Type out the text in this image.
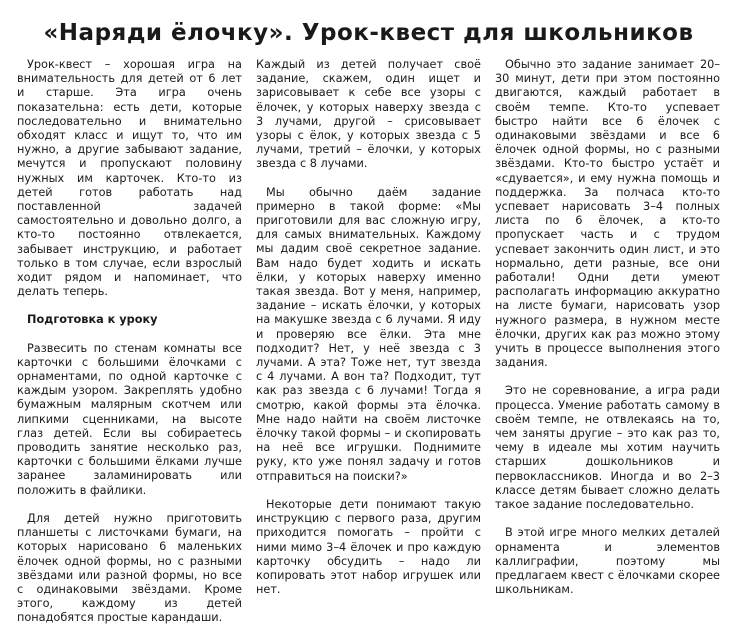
«Наряди ёлочку». Урок-квест для школьников

Урок-квест – хорошая игра на внимательность для детей от 6 лет и старше. Эта игра очень показательна: есть дети, которые последовательно и внимательно обходят класс и ищут то, что им нужно, а другие забывают задание, мечутся и пропускают половину нужных им карточек. Кто-то из детей готов работать над поставленной задачей самостоятельно и довольно долго, а кто-то постоянно отвлекается, забывает инструкцию, и работает только в том случае, если взрослый ходит рядом и напоминает, что делать теперь.

Подготовка к уроку

Развесить по стенам комнаты все карточки с большими ёлочками с орнаментами, по одной карточке с каждым узором. Закреплять удобно бумажным малярным скотчем или липкими сценниками, на высоте глаз детей. Если вы собираетесь проводить занятие несколько раз, карточки с большими ёлками лучше заранее заламинировать или положить в файлики.

Для детей нужно приготовить планшеты с листочками бумаги, на которых нарисовано 6 маленьких ёлочек одной формы, но с разными звёздами или разной формы, но все с одинаковыми звёздами. Кроме этого, каждому из детей понадобятся простые карандаши.

Каждый из детей получает своё задание, скажем, один ищет и зарисовывает к себе все узоры с ёлочек, у которых наверху звезда с 3 лучами, другой – срисовывает узоры с ёлок, у которых звезда с 5 лучами, третий – ёлочки, у которых звезда с 8 лучами.

Мы обычно даём задание примерно в такой форме: «Мы приготовили для вас сложную игру, для самых внимательных. Каждому мы дадим своё секретное задание. Вам надо будет ходить и искать ёлки, у которых наверху именно такая звезда. Вот у меня, например, задание – искать ёлочки, у которых на макушке звезда с 6 лучами. Я иду и проверяю все ёлки. Эта мне подходит? Нет, у неё звезда с 3 лучами. А эта? Тоже нет, тут звезда с 4 лучами. А вон та? Подходит, тут как раз звезда с 6 лучами! Тогда я смотрю, какой формы эта ёлочка. Мне надо найти на своём листочке ёлочку такой формы – и скопировать на неё все игрушки. Поднимите руку, кто уже понял задачу и готов отправиться на поиски?»

Некоторые дети понимают такую инструкцию с первого раза, другим приходится помогать – пройти с ними мимо 3–4 ёлочек и про каждую карточку обсудить – надо ли копировать этот набор игрушек или нет.

Обычно это задание занимает 20–30 минут, дети при этом постоянно двигаются, каждый работает в своём темпе. Кто-то успевает быстро найти все 6 ёлочек с одинаковыми звёздами и все 6 ёлочек одной формы, но с разными звёздами. Кто-то быстро устаёт и «сдувается», и ему нужна помощь и поддержка. За полчаса кто-то успевает нарисовать 3–4 полных листа по 6 ёлочек, а кто-то пропускает часть и с трудом успевает закончить один лист, и это нормально, дети разные, все они работали! Одни дети умеют располагать информацию аккуратно на листе бумаги, нарисовать узор нужного размера, в нужном месте ёлочки, других как раз можно этому учить в процессе выполнения этого задания.

Это не соревнование, а игра ради процесса. Умение работать самому в своём темпе, не отвлекаясь на то, чем заняты другие – это как раз то, чему в идеале мы хотим научить старших дошкольников и первоклассников. Иногда и во 2–3 классе детям бывает сложно делать такое задание последовательно.

В этой игре много мелких деталей орнамента и элементов каллиграфии, поэтому мы предлагаем квест с ёлочками скорее школьникам.
